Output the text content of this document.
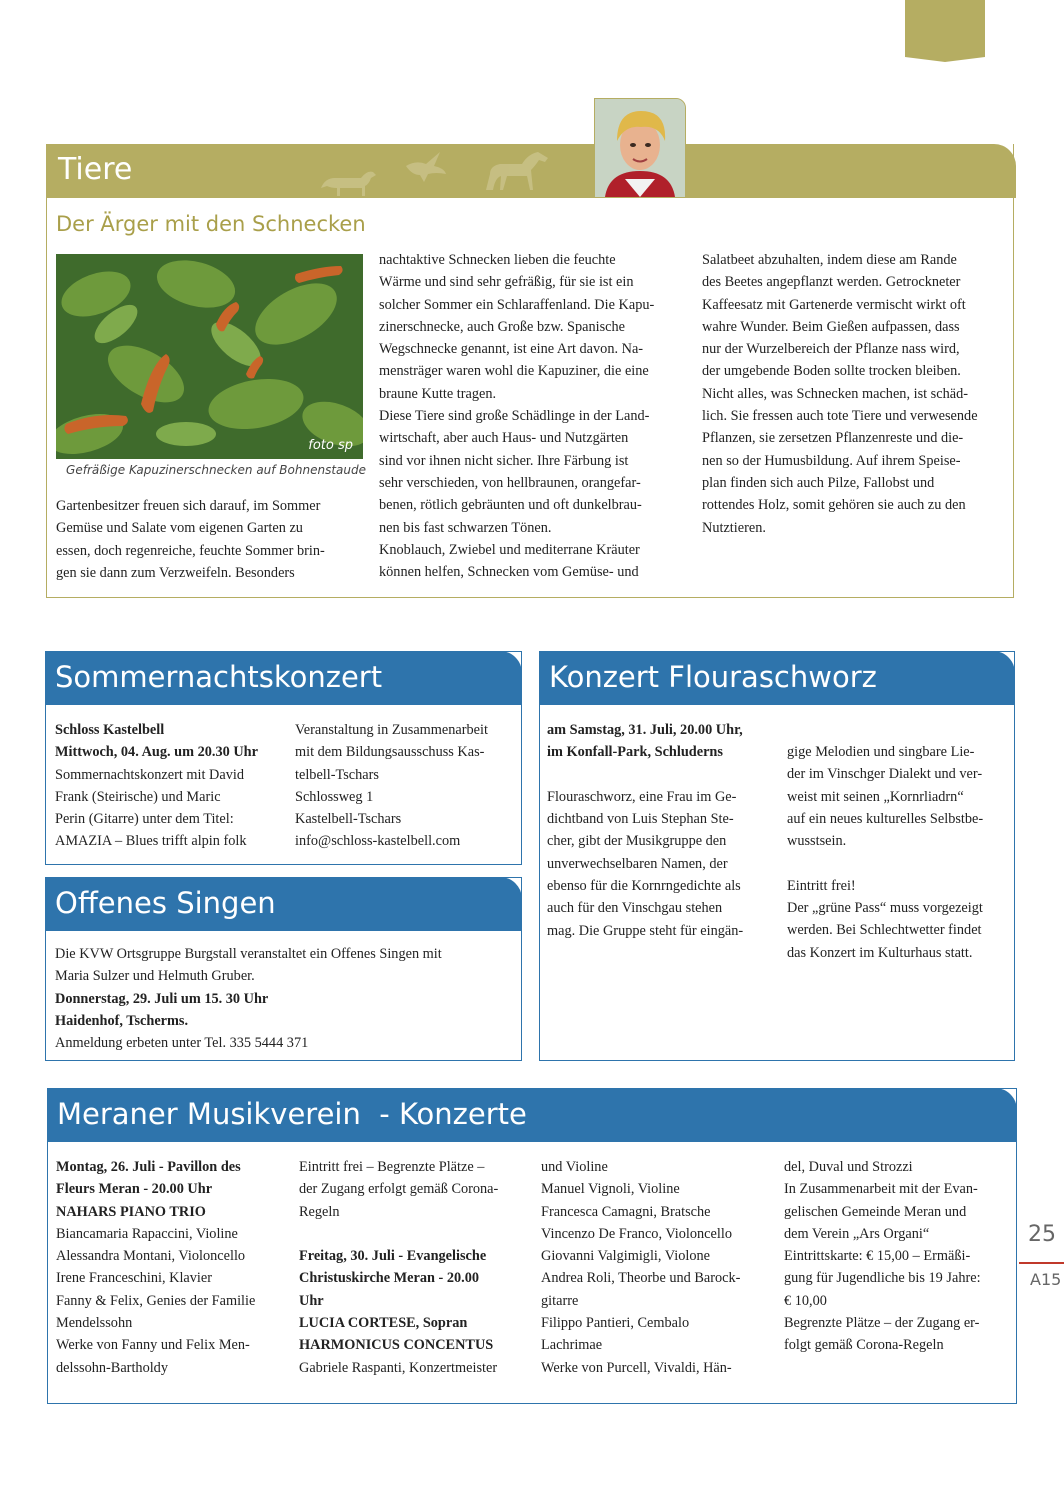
Tiere
Der Ärger mit den Schnecken
foto sp
Gefräßige Kapuzinerschnecken auf Bohnenstaude

Gartenbesitzer freuen sich darauf, im Sommer

Gemüse und Salate vom eigenen Garten zu

essen, doch regenreiche, feuchte Sommer brin-

gen sie dann zum Verzweifeln. Besonders

nachtaktive Schnecken lieben die feuchte

Wärme und sind sehr gefräßig, für sie ist ein

solcher Sommer ein Schlaraffenland. Die Kapu-

zinerschnecke, auch Große bzw. Spanische

Wegschnecke genannt, ist eine Art davon. Na-

mensträger waren wohl die Kapuziner, die eine

braune Kutte tragen.

Diese Tiere sind große Schädlinge in der Land-

wirtschaft, aber auch Haus- und Nutzgärten

sind vor ihnen nicht sicher. Ihre Färbung ist

sehr verschieden, von hellbraunen, orangefar-

benen, rötlich gebräunten und oft dunkelbrau-

nen bis fast schwarzen Tönen.

Knoblauch, Zwiebel und mediterrane Kräuter

können helfen, Schnecken vom Gemüse- und

Salatbeet abzuhalten, indem diese am Rande

des Beetes angepflanzt werden. Getrockneter

Kaffeesatz mit Gartenerde vermischt wirkt oft

wahre Wunder. Beim Gießen aufpassen, dass

nur der Wurzelbereich der Pflanze nass wird,

der umgebende Boden sollte trocken bleiben.

Nicht alles, was Schnecken machen, ist schäd-

lich. Sie fressen auch tote Tiere und verwesende

Pflanzen, sie zersetzen Pflanzenreste und die-

nen so der Humusbildung. Auf ihrem Speise-

plan finden sich auch Pilze, Fallobst und

rottendes Holz, somit gehören sie auch zu den

Nutztieren.

Sommernachtskonzert

Schloss Kastelbell

Mittwoch, 04. Aug. um 20.30 Uhr

Sommernachtskonzert mit David

Frank (Steirische) und Maric

Perin (Gitarre) unter dem Titel:

AMAZIA – Blues trifft alpin folk

Veranstaltung in Zusammenarbeit

mit dem Bildungsausschuss Kas-

telbell-Tschars

Schlossweg 1

Kastelbell-Tschars

info@schloss-kastelbell.com

Offenes Singen

Die KVW Ortsgruppe Burgstall veranstaltet ein Offenes Singen mit

Maria Sulzer und Helmuth Gruber.

Donnerstag, 29. Juli um 15. 30 Uhr

Haidenhof, Tscherms.

Anmeldung erbeten unter Tel. 335 5444 371

Konzert Flouraschworz

am Samstag, 31. Juli, 20.00 Uhr,

im Konfall-Park, Schluderns

Flouraschworz, eine Frau im Ge-

dichtband von Luis Stephan Ste-

cher, gibt der Musikgruppe den

unverwechselbaren Namen, der

ebenso für die Kornrngedichte als

auch für den Vinschgau stehen

mag. Die Gruppe steht für eingän-

gige Melodien und singbare Lie-

der im Vinschger Dialekt und ver-

weist mit seinen „Kornrliadrn“

auf ein neues kulturelles Selbstbe-

wusstsein.

Eintritt frei!

Der „grüne Pass“ muss vorgezeigt

werden. Bei Schlechtwetter findet

das Konzert im Kulturhaus statt.

Meraner Musikverein  - Konzerte

Montag, 26. Juli - Pavillon des

Fleurs Meran - 20.00 Uhr

NAHARS PIANO TRIO

Biancamaria Rapaccini, Violine

Alessandra Montani, Violoncello

Irene Franceschini, Klavier

Fanny & Felix, Genies der Familie

Mendelssohn

Werke von Fanny und Felix Men-

delssohn-Bartholdy

Eintritt frei – Begrenzte Plätze –

der Zugang erfolgt gemäß Corona-

Regeln

Freitag, 30. Juli - Evangelische

Christuskirche Meran - 20.00

Uhr

LUCIA CORTESE, Sopran

HARMONICUS CONCENTUS

Gabriele Raspanti, Konzertmeister

und Violine

Manuel Vignoli, Violine

Francesca Camagni, Bratsche

Vincenzo De Franco, Violoncello

Giovanni Valgimigli, Violone

Andrea Roli, Theorbe und Barock-

gitarre

Filippo Pantieri, Cembalo

Lachrimae

Werke von Purcell, Vivaldi, Hän-

del, Duval und Strozzi

In Zusammenarbeit mit der Evan-

gelischen Gemeinde Meran und

dem Verein „Ars Organi“

Eintrittskarte: € 15,00 – Ermäßi-

gung für Jugendliche bis 19 Jahre:

€ 10,00

Begrenzte Plätze – der Zugang er-

folgt gemäß Corona-Regeln

25
A15
